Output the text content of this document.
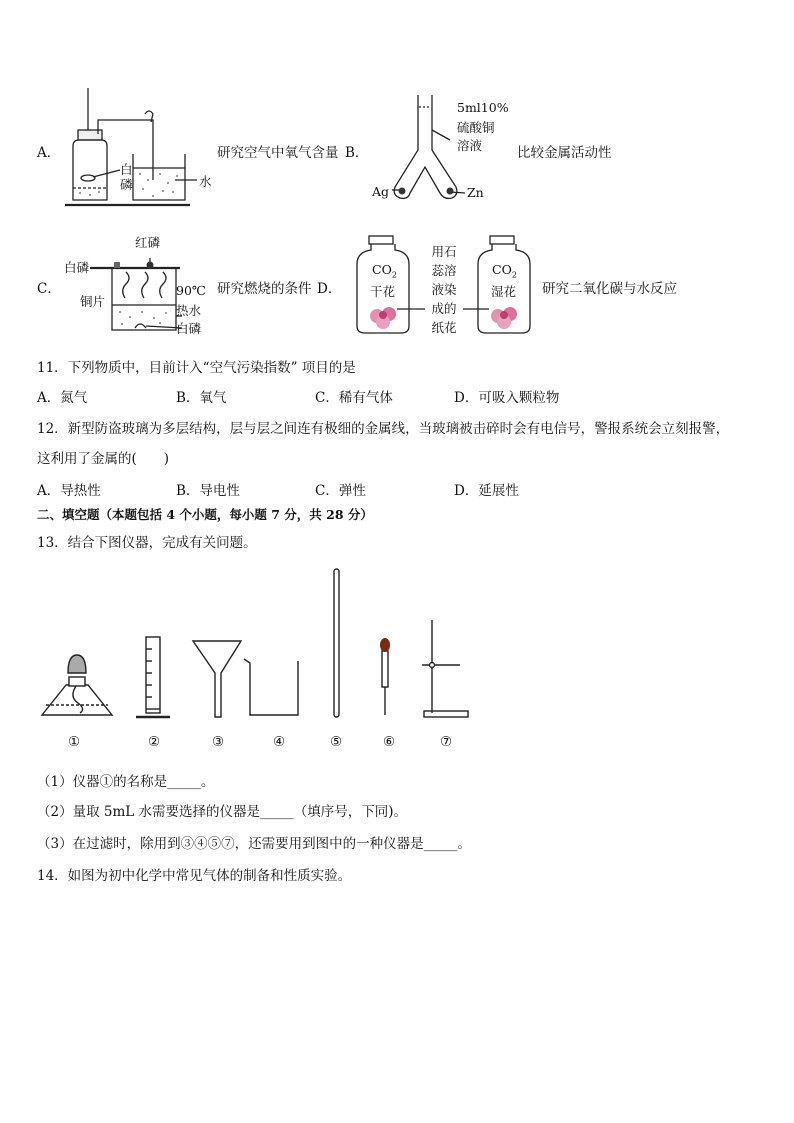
A．
白
磷	水
研究空气中氧气含量 B．
5ml10%
硫酸铜
溶液
Ag	Zn
比较金属活动性
C．
红磷
白磷
铜片
90℃
热水
白磷
研究燃烧的条件 D．
$CO_2$
干花
$CO_2$
湿花
用石
蕊溶
液染
成的
纸花
研究二氧化碳与水反应
11．下列物质中，目前计入“空气污染指数” 项目的是
A．氮气	B．氧气	C．稀有气体	D．可吸入颗粒物
12．新型防盗玻璃为多层结构，层与层之间连有极细的金属线，当玻璃被击碎时会有电信号，警报系统会立刻报警，
这利用了金属的(　　)
A．导热性	B．导电性	C．弹性	D．延展性
二、填空题（本题包括 4 个小题，每小题 7 分，共 28 分）
13．结合下图仪器，完成有关问题。
①	②	③	④	⑤	⑥	⑦
（1）仪器①的名称是_____。
（2）量取 5mL 水需要选择的仪器是_____（填序号，下同)。
（3）在过滤时，除用到③④⑤⑦，还需要用到图中的一种仪器是_____。
14．如图为初中化学中常见气体的制备和性质实验。
